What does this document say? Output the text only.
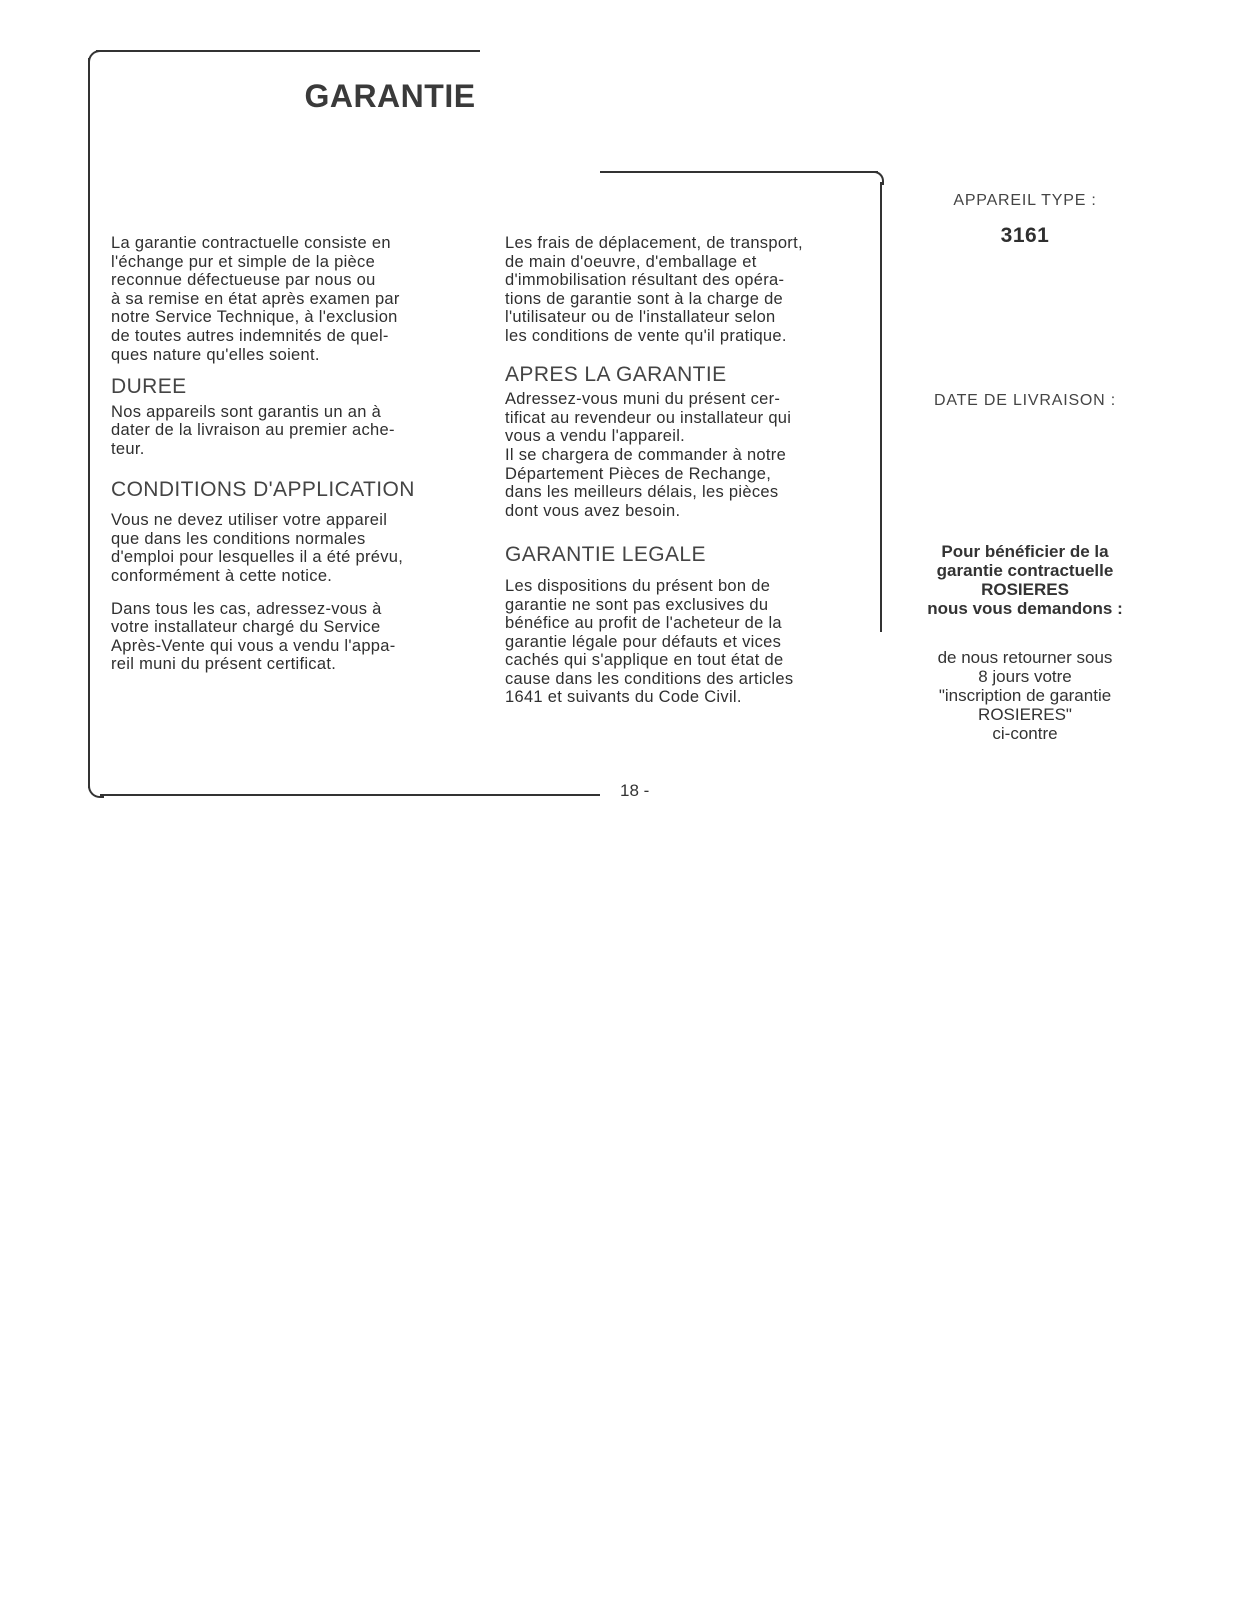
GARANTIE

La garantie contractuelle consiste en
l'échange pur et simple de la pièce
reconnue défectueuse par nous ou
à sa remise en état après examen par
notre Service Technique, à l'exclusion
de toutes autres indemnités de quel-
ques nature qu'elles soient.

DUREE

Nos appareils sont garantis un an à
dater de la livraison au premier ache-
teur.

CONDITIONS D'APPLICATION

Vous ne devez utiliser votre appareil
que dans les conditions normales
d'emploi pour lesquelles il a été prévu,
conformément à cette notice.

Dans tous les cas, adressez-vous à
votre installateur chargé du Service
Après-Vente qui vous a vendu l'appa-
reil muni du présent certificat.

Les frais de déplacement, de transport,
de main d'oeuvre, d'emballage et
d'immobilisation résultant des opéra-
tions de garantie sont à la charge de
l'utilisateur ou de l'installateur selon
les conditions de vente qu'il pratique.

APRES LA GARANTIE

Adressez-vous muni du présent cer-
tificat au revendeur ou installateur qui
vous a vendu l'appareil.
Il se chargera de commander à notre
Département Pièces de Rechange,
dans les meilleurs délais, les pièces
dont vous avez besoin.

GARANTIE LEGALE

Les dispositions du présent bon de
garantie ne sont pas exclusives du
bénéfice au profit de l'acheteur de la
garantie légale pour défauts et vices
cachés qui s'applique en tout état de
cause dans les conditions des articles
1641 et suivants du Code Civil.

APPAREIL TYPE :
3161
DATE DE LIVRAISON :
Pour bénéficier de la
garantie contractuelle
ROSIERES
nous vous demandons :
de nous retourner sous
8 jours votre
"inscription de garantie
ROSIERES"
ci-contre
18 -
